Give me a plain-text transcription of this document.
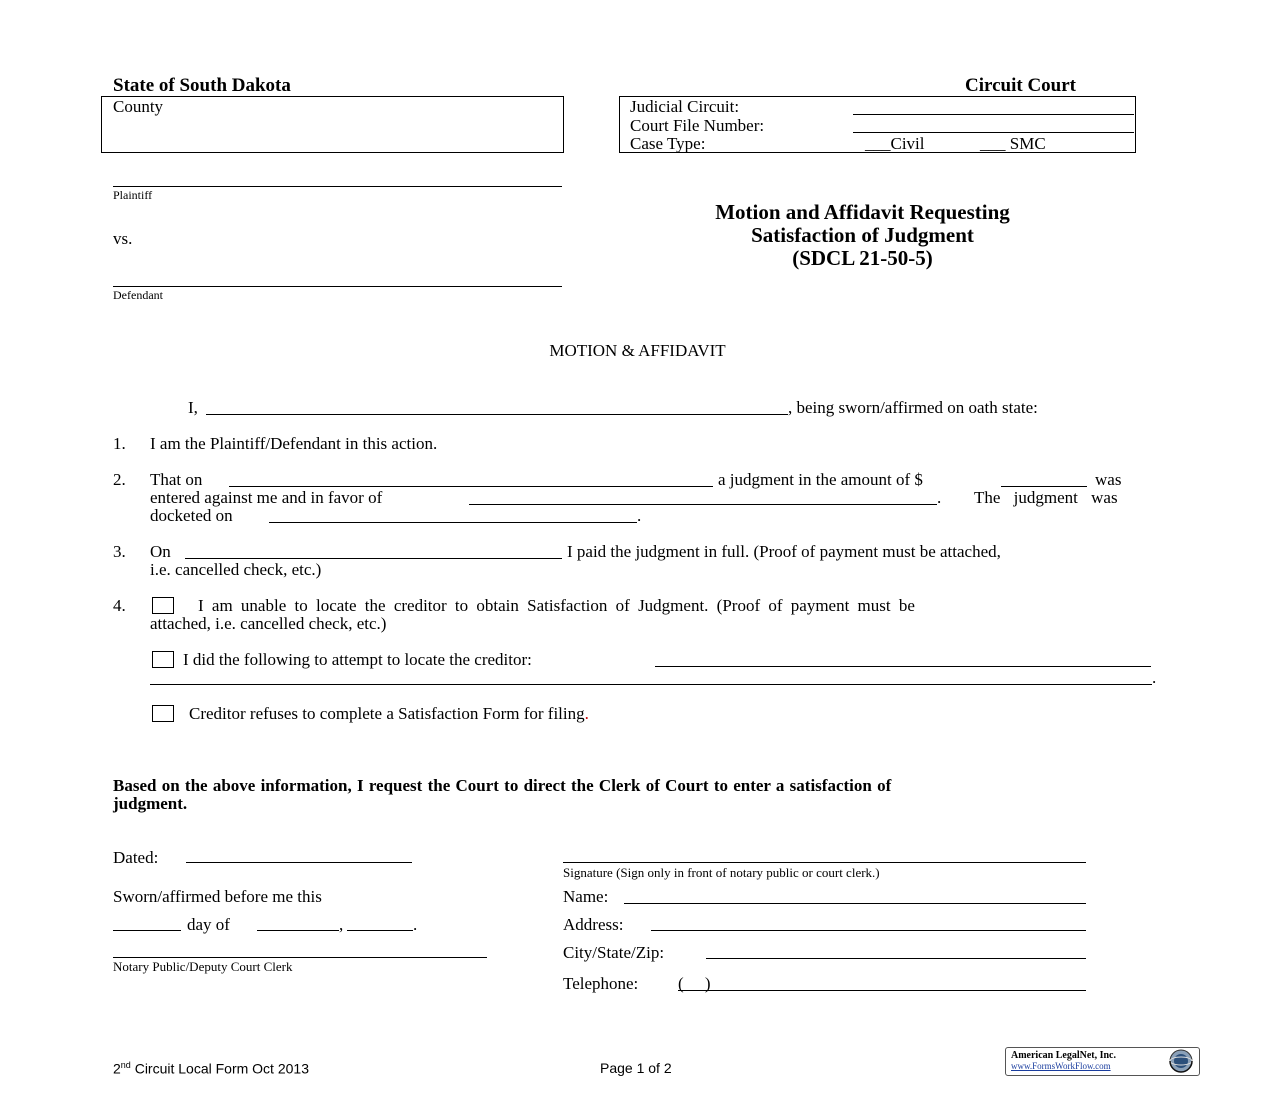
State of South Dakota	Circuit Court
County	Judicial Circuit:
Court File Number:
Case Type:	___Civil	___ SMC
Plaintiff
vs.
Defendant
Motion and Affidavit Requesting
Satisfaction of Judgment
(SDCL 21-50-5)
MOTION & AFFIDAVIT
I,	, being sworn/affirmed on oath state:
1. I am the Plaintiff/Defendant in this action.
2. That on	a judgment in the amount of $	was
entered against me and in favor of	. The judgment was
docketed on	.
3. On	I paid the judgment in full. (Proof of payment must be attached,
i.e. cancelled check, etc.)
4.	I am unable to locate the creditor to obtain Satisfaction of Judgment. (Proof of payment must be
attached, i.e. cancelled check, etc.)
I did the following to attempt to locate the creditor:
.
Creditor refuses to complete a Satisfaction Form for filing.
Based on the above information, I request the Court to direct the Clerk of Court to enter a satisfaction of
judgment.
Dated:
Sworn/affirmed before me this
day of	,	.
Notary Public/Deputy Court Clerk
Signature (Sign only in front of notary public or court clerk.)
Name:
Address:
City/State/Zip:
Telephone: (     )
2nd Circuit Local Form Oct 2013	Page 1 of 2
American LegalNet, Inc.
www.FormsWorkFlow.com
